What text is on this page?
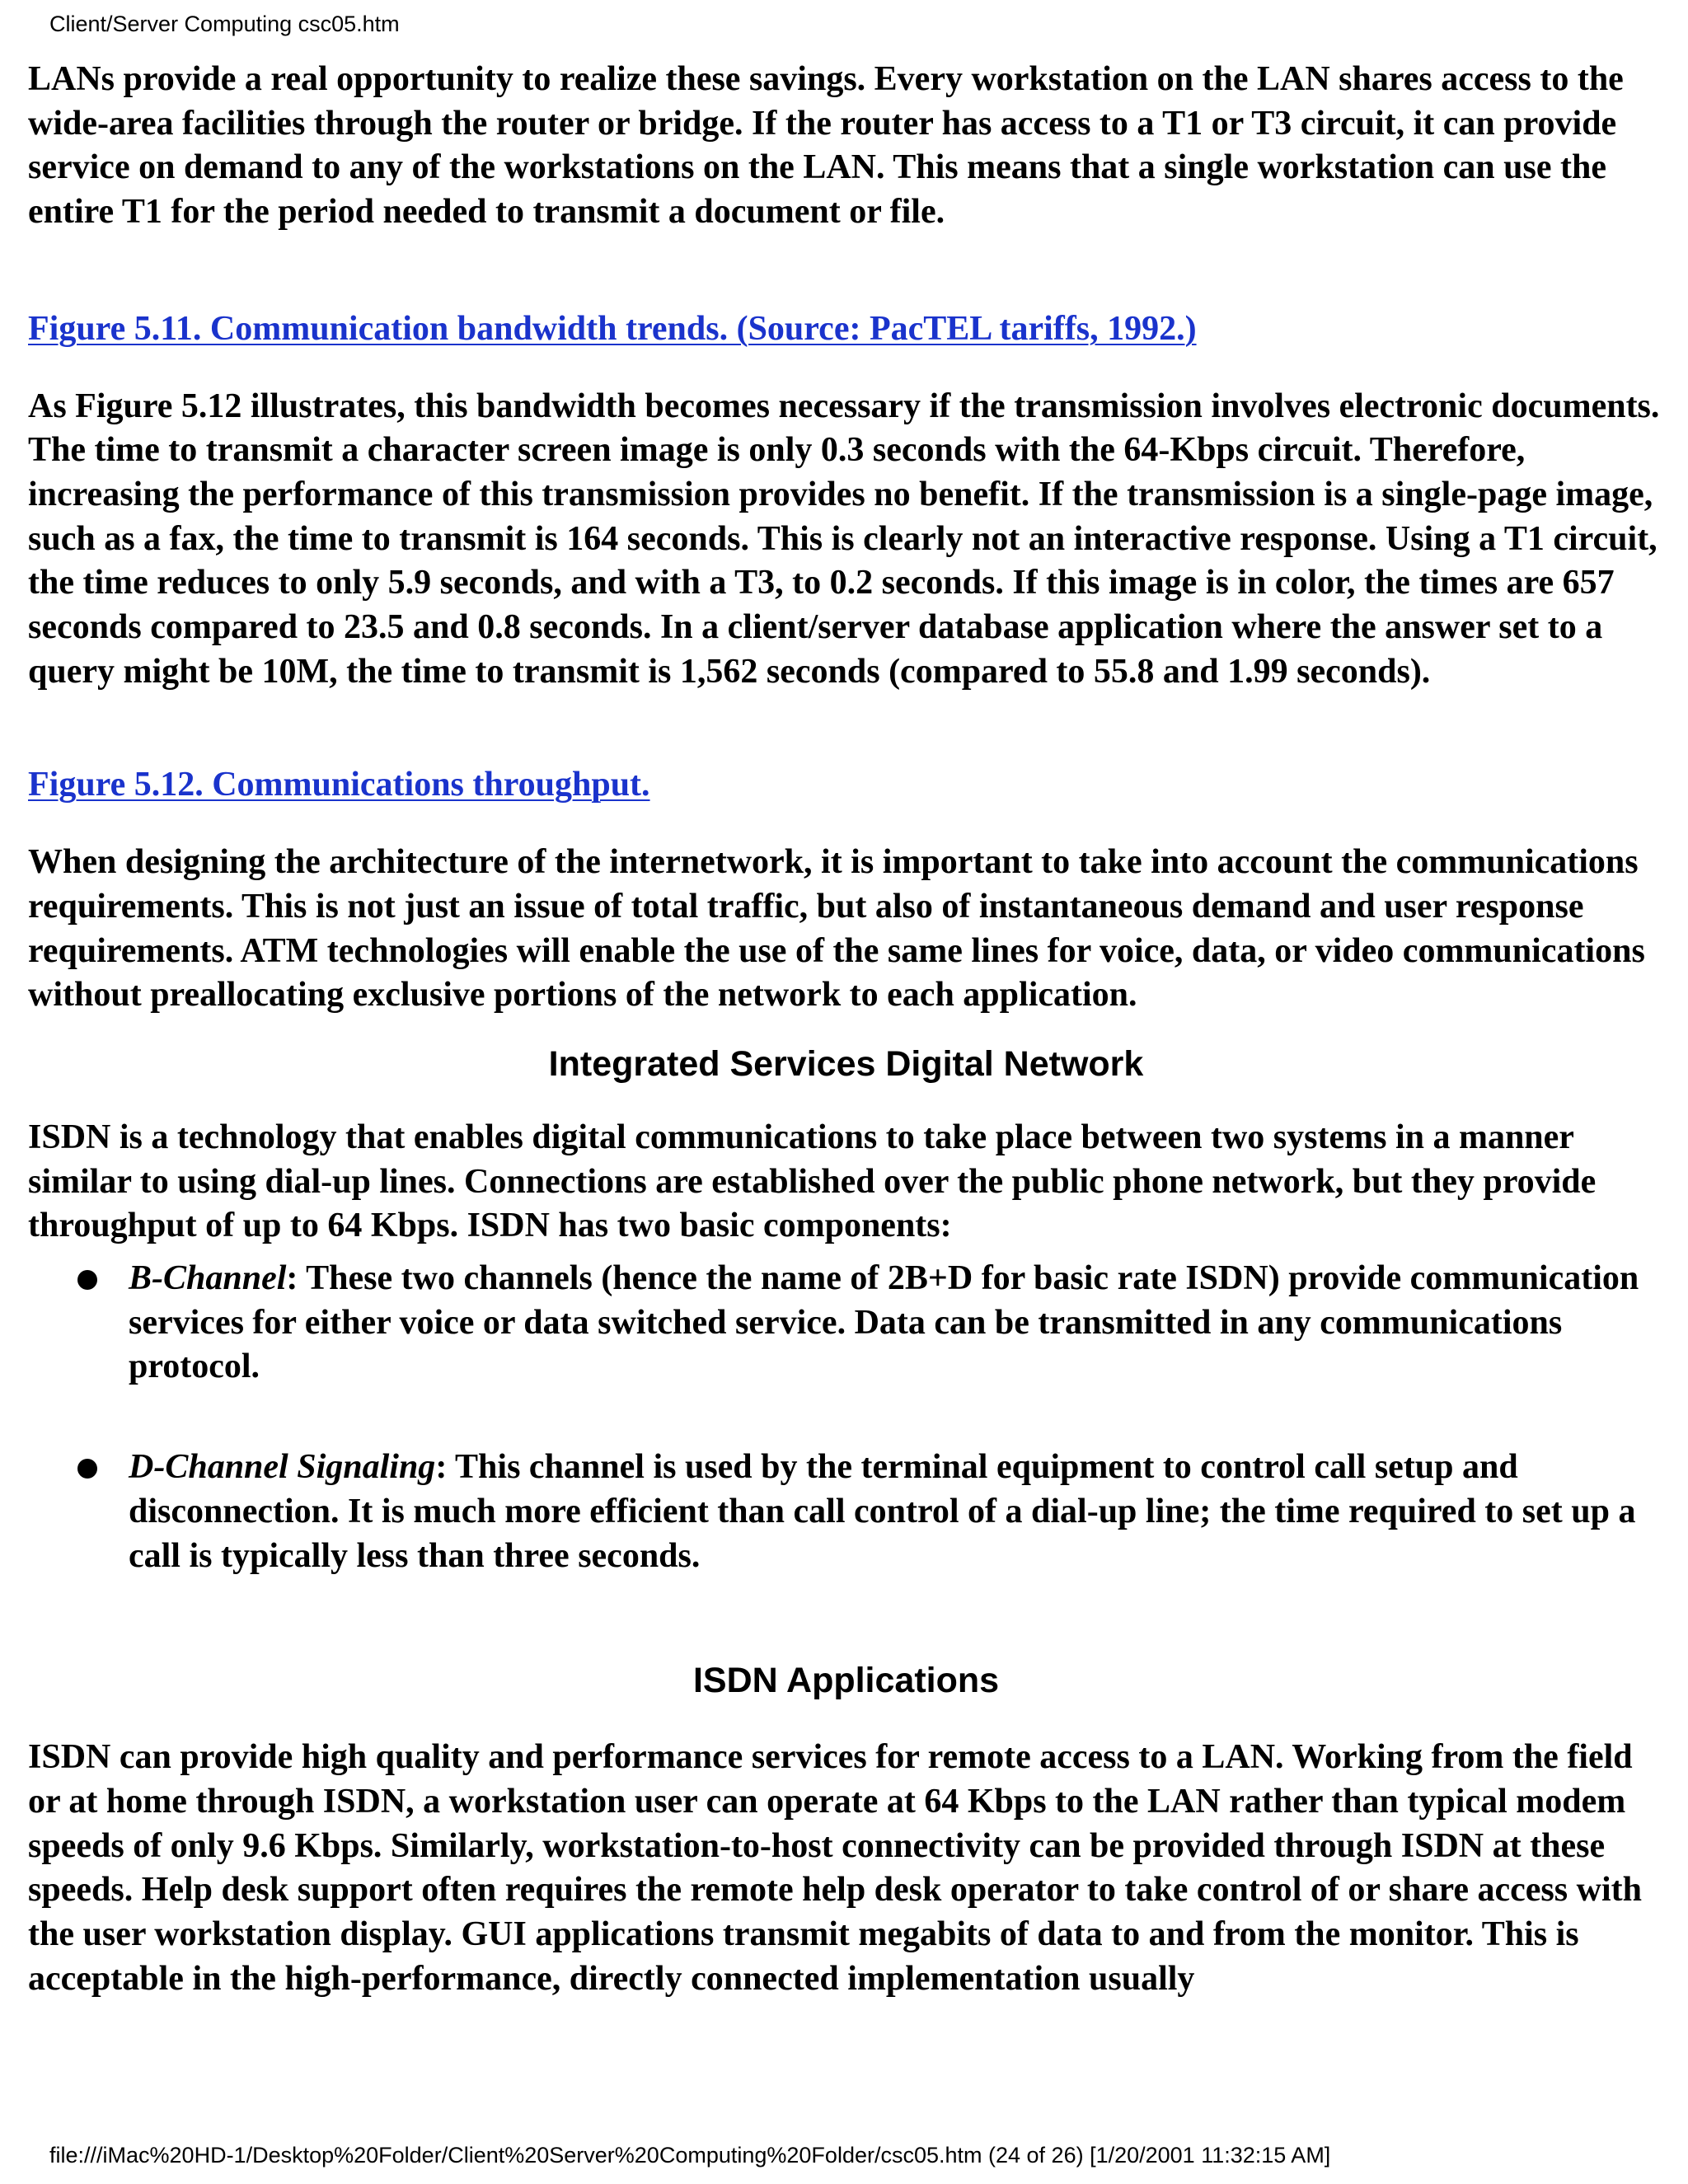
Client/Server Computing csc05.htm

LANs provide a real opportunity to realize these savings. Every workstation on the LAN shares access to the wide-area facilities through the router or bridge. If the router has access to a T1 or T3 circuit, it can provide service on demand to any of the workstations on the LAN. This means that a single workstation can use the entire T1 for the period needed to transmit a document or file.

Figure 5.11. Communication bandwidth trends. (Source: PacTEL tariffs, 1992.)

As Figure 5.12 illustrates, this bandwidth becomes necessary if the transmission involves electronic documents. The time to transmit a character screen image is only 0.3 seconds with the 64-Kbps circuit. Therefore, increasing the performance of this transmission provides no benefit. If the transmission is a single-page image, such as a fax, the time to transmit is 164 seconds. This is clearly not an interactive response. Using a T1 circuit, the time reduces to only 5.9 seconds, and with a T3, to 0.2 seconds. If this image is in color, the times are 657 seconds compared to 23.5 and 0.8 seconds. In a client/server database application where the answer set to a query might be 10M, the time to transmit is 1,562 seconds (compared to 55.8 and 1.99 seconds).

Figure 5.12. Communications throughput.

When designing the architecture of the internetwork, it is important to take into account the communications requirements. This is not just an issue of total traffic, but also of instantaneous demand and user response requirements. ATM technologies will enable the use of the same lines for voice, data, or video communications without preallocating exclusive portions of the network to each application.

Integrated Services Digital Network

ISDN is a technology that enables digital communications to take place between two systems in a manner similar to using dial-up lines. Connections are established over the public phone network, but they provide throughput of up to 64 Kbps. ISDN has two basic components:

B-Channel: These two channels (hence the name of 2B+D for basic rate ISDN) provide communication services for either voice or data switched service. Data can be transmitted in any communications protocol.
D-Channel Signaling: This channel is used by the terminal equipment to control call setup and disconnection. It is much more efficient than call control of a dial-up line; the time required to set up a call is typically less than three seconds.
ISDN Applications

ISDN can provide high quality and performance services for remote access to a LAN. Working from the field or at home through ISDN, a workstation user can operate at 64 Kbps to the LAN rather than typical modem speeds of only 9.6 Kbps. Similarly, workstation-to-host connectivity can be provided through ISDN at these speeds. Help desk support often requires the remote help desk operator to take control of or share access with the user workstation display. GUI applications transmit megabits of data to and from the monitor. This is acceptable in the high-performance, directly connected implementation usually

file:///iMac%20HD-1/Desktop%20Folder/Client%20Server%20Computing%20Folder/csc05.htm (24 of 26) [1/20/2001 11:32:15 AM]
